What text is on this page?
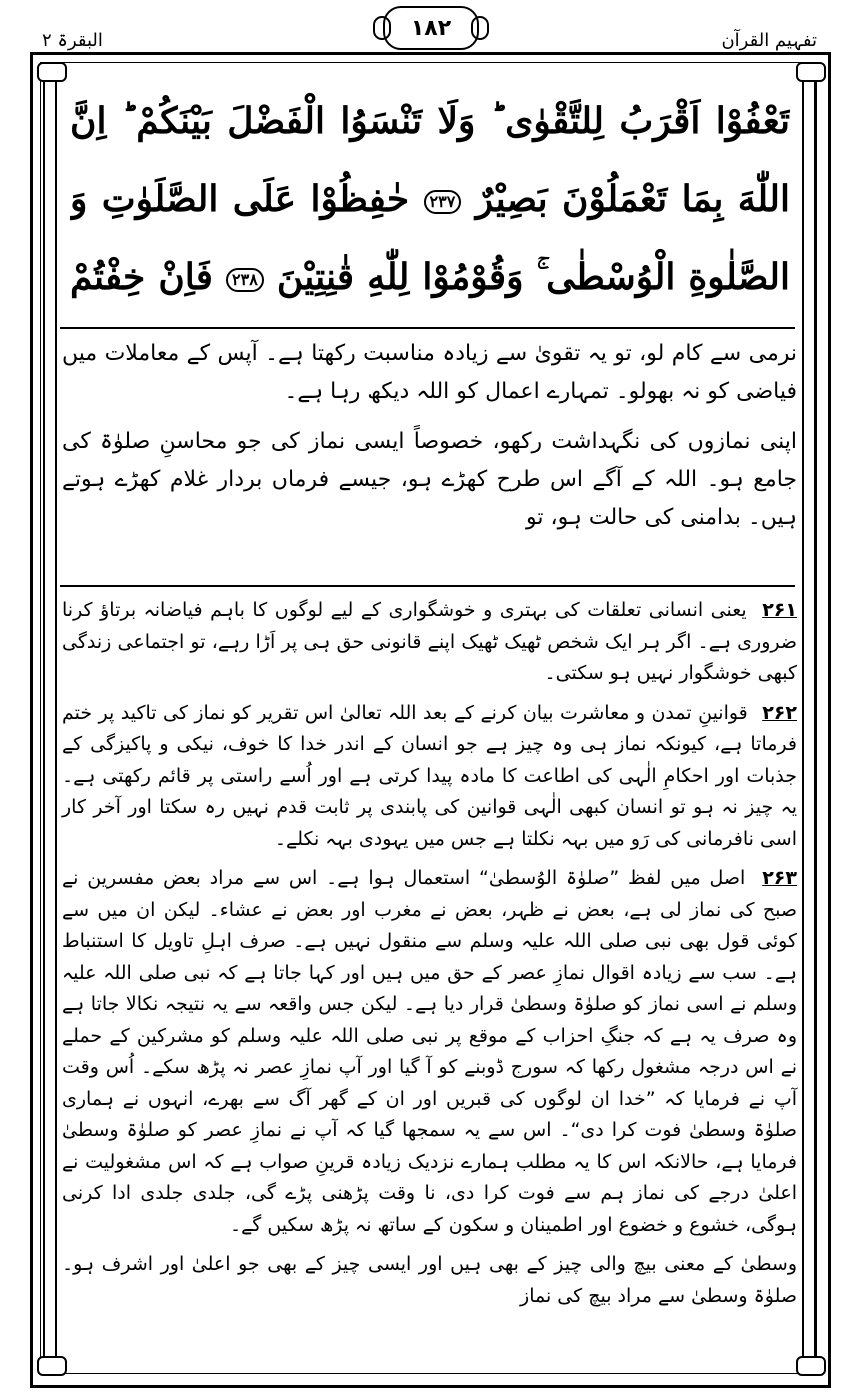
تفہیم القرآن
۱۸۲
البقرۃ ۲
تَعْفُوْا اَقْرَبُ لِلتَّقْوٰى ؕ وَلَا تَنْسَوُا الْفَضْلَ بَيْنَكُمْ ؕ اِنَّ
اللّٰهَ بِمَا تَعْمَلُوْنَ بَصِيْرٌ ۲۳۷ حٰفِظُوْا عَلَى الصَّلَوٰتِ وَ
الصَّلٰوةِ الْوُسْطٰى ۚ وَقُوْمُوْا لِلّٰهِ قٰنِتِيْنَ ۲۳۸ فَاِنْ خِفْتُمْ

نرمی سے کام لو، تو یہ تقویٰ سے زیادہ مناسبت رکھتا ہے۔ آپس کے معاملات میں فیاضی کو نہ بھولو۔ تمہارے اعمال کو اللہ دیکھ رہا ہے۔

اپنی نمازوں کی نگہداشت رکھو، خصوصاً ایسی نماز کی جو محاسنِ صلوٰۃ کی جامع ہو۔ اللہ کے آگے اس طرح کھڑے ہو، جیسے فرماں بردار غلام کھڑے ہوتے ہیں۔ بدامنی کی حالت ہو، تو

۲۶۱ یعنی انسانی تعلقات کی بہتری و خوشگواری کے لیے لوگوں کا باہم فیاضانہ برتاؤ کرنا ضروری ہے۔ اگر ہر ایک شخص ٹھیک ٹھیک اپنے قانونی حق ہی پر اَڑا رہے، تو اجتماعی زندگی کبھی خوشگوار نہیں ہو سکتی۔

۲۶۲ قوانینِ تمدن و معاشرت بیان کرنے کے بعد اللہ تعالیٰ اس تقریر کو نماز کی تاکید پر ختم فرماتا ہے، کیونکہ نماز ہی وہ چیز ہے جو انسان کے اندر خدا کا خوف، نیکی و پاکیزگی کے جذبات اور احکامِ الٰہی کی اطاعت کا مادہ پیدا کرتی ہے اور اُسے راستی پر قائم رکھتی ہے۔ یہ چیز نہ ہو تو انسان کبھی الٰہی قوانین کی پابندی پر ثابت قدم نہیں رہ سکتا اور آخر کار اسی نافرمانی کی رَو میں بہہ نکلتا ہے جس میں یہودی بہہ نکلے۔

۲۶۳ اصل میں لفظ ”صلوٰۃ الوُسطیٰ“ استعمال ہوا ہے۔ اس سے مراد بعض مفسرین نے صبح کی نماز لی ہے، بعض نے ظہر، بعض نے مغرب اور بعض نے عشاء۔ لیکن ان میں سے کوئی قول بھی نبی صلی اللہ علیہ وسلم سے منقول نہیں ہے۔ صرف اہلِ تاویل کا استنباط ہے۔ سب سے زیادہ اقوال نمازِ عصر کے حق میں ہیں اور کہا جاتا ہے کہ نبی صلی اللہ علیہ وسلم نے اسی نماز کو صلوٰۃ وسطیٰ قرار دیا ہے۔ لیکن جس واقعہ سے یہ نتیجہ نکالا جاتا ہے وہ صرف یہ ہے کہ جنگِ احزاب کے موقع پر نبی صلی اللہ علیہ وسلم کو مشرکین کے حملے نے اس درجہ مشغول رکھا کہ سورج ڈوبنے کو آ گیا اور آپ نمازِ عصر نہ پڑھ سکے۔ اُس وقت آپ نے فرمایا کہ ”خدا ان لوگوں کی قبریں اور ان کے گھر آگ سے بھرے، انہوں نے ہماری صلوٰۃ وسطیٰ فوت کرا دی“۔ اس سے یہ سمجھا گیا کہ آپ نے نمازِ عصر کو صلوٰۃ وسطیٰ فرمایا ہے، حالانکہ اس کا یہ مطلب ہمارے نزدیک زیادہ قرینِ صواب ہے کہ اس مشغولیت نے اعلیٰ درجے کی نماز ہم سے فوت کرا دی، نا وقت پڑھنی پڑے گی، جلدی جلدی ادا کرنی ہوگی، خشوع و خضوع اور اطمینان و سکون کے ساتھ نہ پڑھ سکیں گے۔

وسطیٰ کے معنی بیچ والی چیز کے بھی ہیں اور ایسی چیز کے بھی جو اعلیٰ اور اشرف ہو۔ صلوٰۃ وسطیٰ سے مراد بیچ کی نماز
